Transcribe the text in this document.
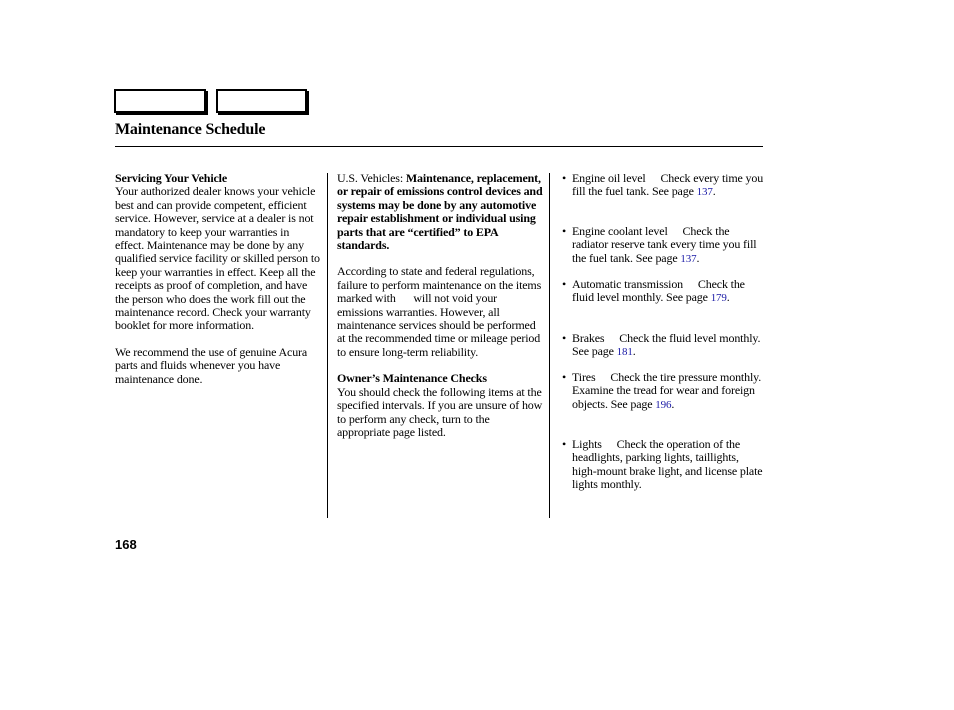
Maintenance Schedule

Servicing Your Vehicle

Your authorized dealer knows your vehicle best and can provide competent, efficient service. However, service at a dealer is not mandatory to keep your warranties in effect. Maintenance may be done by any qualified service facility or skilled person to keep your warranties in effect. Keep all the receipts as proof of completion, and have the person who does the work fill out the maintenance record. Check your warranty booklet for more information.

We recommend the use of genuine Acura parts and fluids whenever you have maintenance done.

U.S. Vehicles: Maintenance, replacement, or repair of emissions control devices and systems may be done by any automotive repair establishment or individual using parts that are “certified” to EPA standards.

According to state and federal regulations, failure to perform maintenance on the items marked with will not void your emissions warranties. However, all maintenance services should be performed at the recommended time or mileage period to ensure long-term reliability.

Owner’s Maintenance Checks

You should check the following items at the specified intervals. If you are unsure of how to perform any check, turn to the appropriate page listed.

• Engine oil level Check every time you fill the fuel tank. See page 137.
• Engine coolant level Check the radiator reserve tank every time you fill the fuel tank. See page 137.
• Automatic transmission Check the fluid level monthly. See page 179.
• Brakes Check the fluid level monthly. See page 181.
• Tires Check the tire pressure monthly. Examine the tread for wear and foreign objects. See page 196.
• Lights Check the operation of the headlights, parking lights, taillights, high-mount brake light, and license plate lights monthly.
168
